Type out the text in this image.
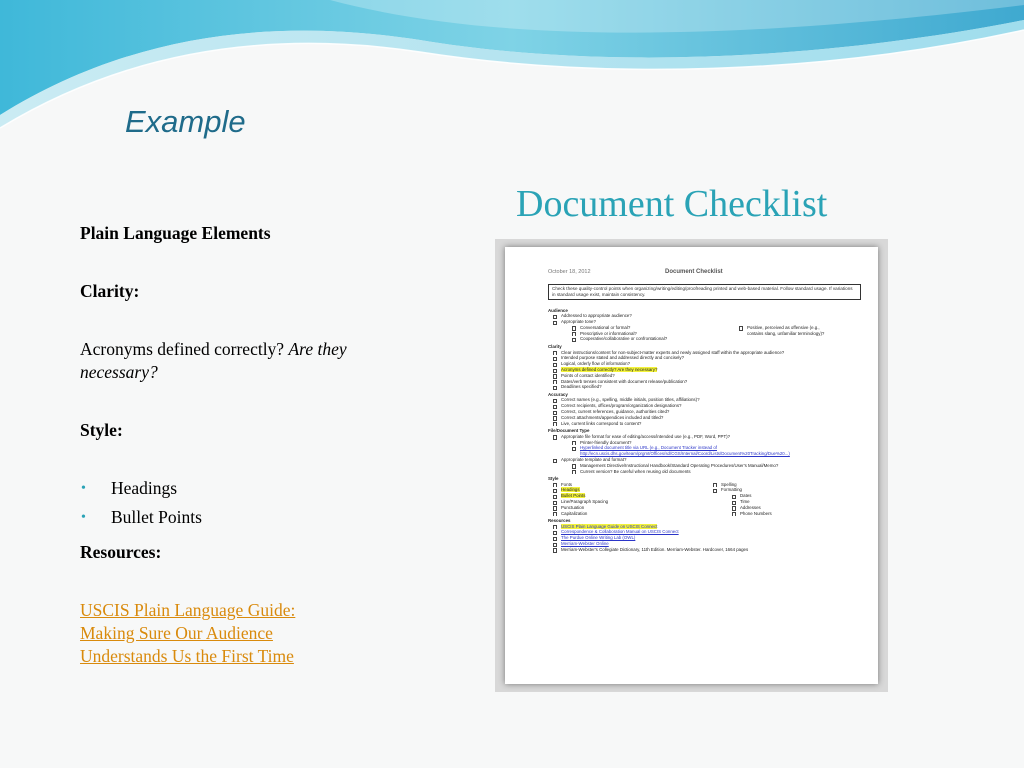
Example
Document Checklist
Plain Language Elements
Clarity:
Acronyms defined correctly? Are they necessary?
Style:
• Headings
• Bullet Points
Resources:
USCIS Plain Language Guide:
Making Sure Our Audience
Understands Us the First Time
October 18, 2012	Document Checklist
Check these quality-control points when organizing/writing/editing/proofreading printed and web-based material. Follow standard usage. If variations in standard usage exist, maintain consistency.
Audience
Addressed to appropriate audience?
Appropriate tone?
Conversational or formal?
Prescriptive or informational?
Cooperative/collaborative or confrontational?
Positive, perceived as offensive (e.g., contains slang, unfamiliar terminology)?
Clarity
Clear instructions/content for non-subject-matter experts and newly assigned staff within the appropriate audience?
Intended purpose stated and addressed directly and concisely?
Logical, orderly flow of information?
Acronyms defined correctly? Are they necessary?
Points of contact identified?
Dates/verb tenses consistent with document release/publication?
Deadlines specified?
Accuracy
Correct names (e.g., spelling, middle initials, position titles, affiliations)?
Correct recipients, offices/program/organization designations?
Correct, current references, guidance, authorities cited?
Correct attachments/appendices included and titled?
Live, current links correspond to content?
File/Document Type
Appropriate file format for ease of editing/access/intended use (e.g., PDF, Word, PPT)?
Printer-friendly document?
Hyperlinked document title via URL (e.g., Document Tracker instead of http://ecn.uscis.dhs.gov/team/prgmt/Offices/sd/CGS/Internal/Coord/Lists/Document%20Tracking/Due%20...)
Appropriate template and format?
Management Directive/Instructional Handbook/Standard Operating Procedures/User's Manual/Memo?
Current version? Be careful when reusing old documents
Style
Fonts
Headings
Bullet Points
Line/Paragraph Spacing
Punctuation
Capitalization
Spelling
Formatting
Dates
Time
Addresses
Phone Numbers
Resources
USCIS Plain Language Guide on USCIS Connect
Correspondence & Collaboration Manual on USCIS Connect
The Purdue Online Writing Lab (OWL)
Merriam-Webster Online
Merriam-Webster's Collegiate Dictionary, 11th Edition. Merriam-Webster. Hardcover, 1664 pages
